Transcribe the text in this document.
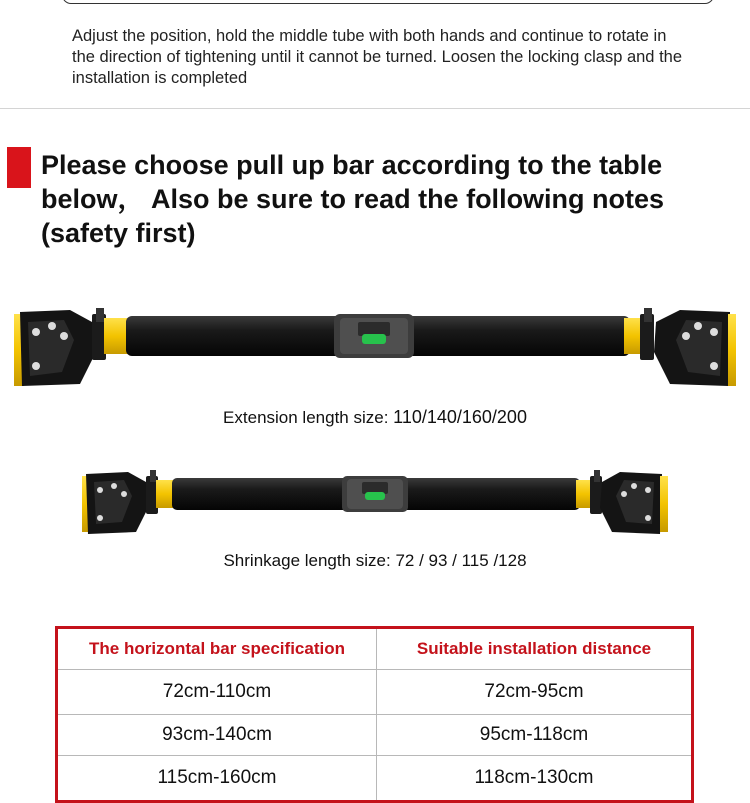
Adjust the position, hold the middle tube with both hands and continue to rotate in the direction of tightening until it cannot be turned. Loosen the locking clasp and the installation is completed
Please choose pull up bar according to the table below， Also be sure to read the following notes (safety first)
Extension length size: 110/140/160/200
Shrinkage length size: 72 / 93 / 115 /128
The horizontal bar specification	Suitable installation distance
72cm-110cm	72cm-95cm
93cm-140cm	95cm-118cm
115cm-160cm	118cm-130cm
